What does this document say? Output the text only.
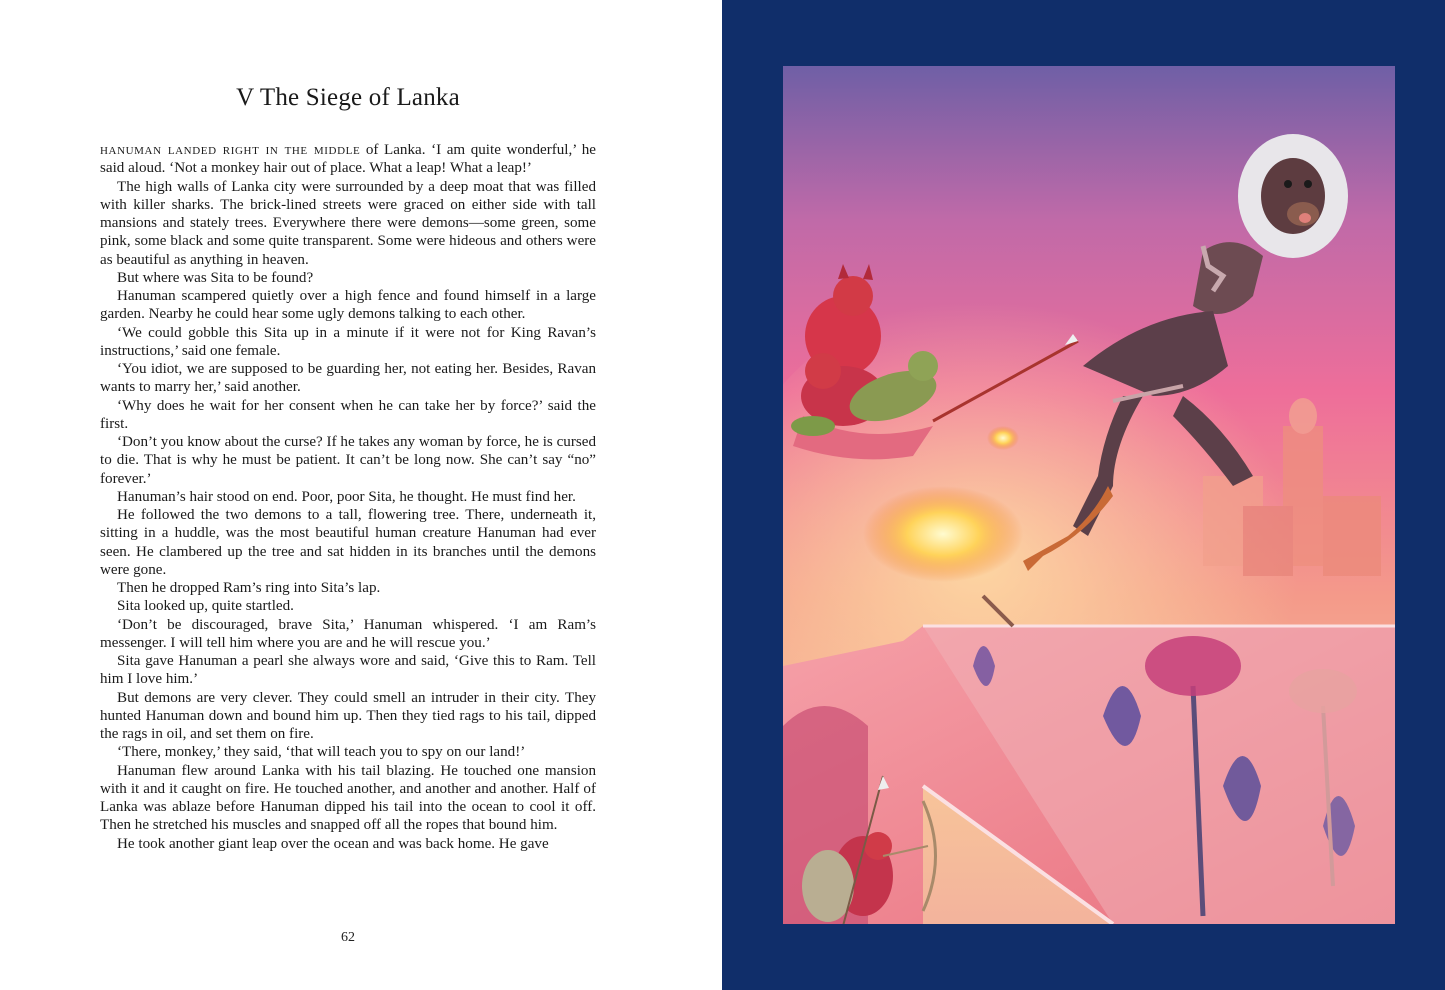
V The Siege of Lanka

hanuman landed right in the middle of Lanka. ‘I am quite wonderful,’ he said aloud. ‘Not a monkey hair out of place. What a leap! What a leap!’

The high walls of Lanka city were surrounded by a deep moat that was filled with killer sharks. The brick-lined streets were graced on either side with tall mansions and stately trees. Everywhere there were demons—some green, some pink, some black and some quite transparent. Some were hideous and others were as beautiful as anything in heaven.

But where was Sita to be found?

Hanuman scampered quietly over a high fence and found himself in a large garden. Nearby he could hear some ugly demons talking to each other.

‘We could gobble this Sita up in a minute if it were not for King Ravan’s instructions,’ said one female.

‘You idiot, we are supposed to be guarding her, not eating her. Besides, Ravan wants to marry her,’ said another.

‘Why does he wait for her consent when he can take her by force?’ said the first.

‘Don’t you know about the curse? If he takes any woman by force, he is cursed to die. That is why he must be patient. It can’t be long now. She can’t say “no” forever.’

Hanuman’s hair stood on end. Poor, poor Sita, he thought. He must find her.

He followed the two demons to a tall, flowering tree. There, underneath it, sitting in a huddle, was the most beautiful human creature Hanuman had ever seen. He clambered up the tree and sat hidden in its branches until the demons were gone.

Then he dropped Ram’s ring into Sita’s lap.

Sita looked up, quite startled.

‘Don’t be discouraged, brave Sita,’ Hanuman whispered. ‘I am Ram’s messenger. I will tell him where you are and he will rescue you.’

Sita gave Hanuman a pearl she always wore and said, ‘Give this to Ram. Tell him I love him.’

But demons are very clever. They could smell an intruder in their city. They hunted Hanuman down and bound him up. Then they tied rags to his tail, dipped the rags in oil, and set them on fire.

‘There, monkey,’ they said, ‘that will teach you to spy on our land!’

Hanuman flew around Lanka with his tail blazing. He touched one mansion with it and it caught on fire. He touched another, and another and another. Half of Lanka was ablaze before Hanuman dipped his tail into the ocean to cool it off. Then he stretched his muscles and snapped off all the ropes that bound him.

He took another giant leap over the ocean and was back home. He gave

62
